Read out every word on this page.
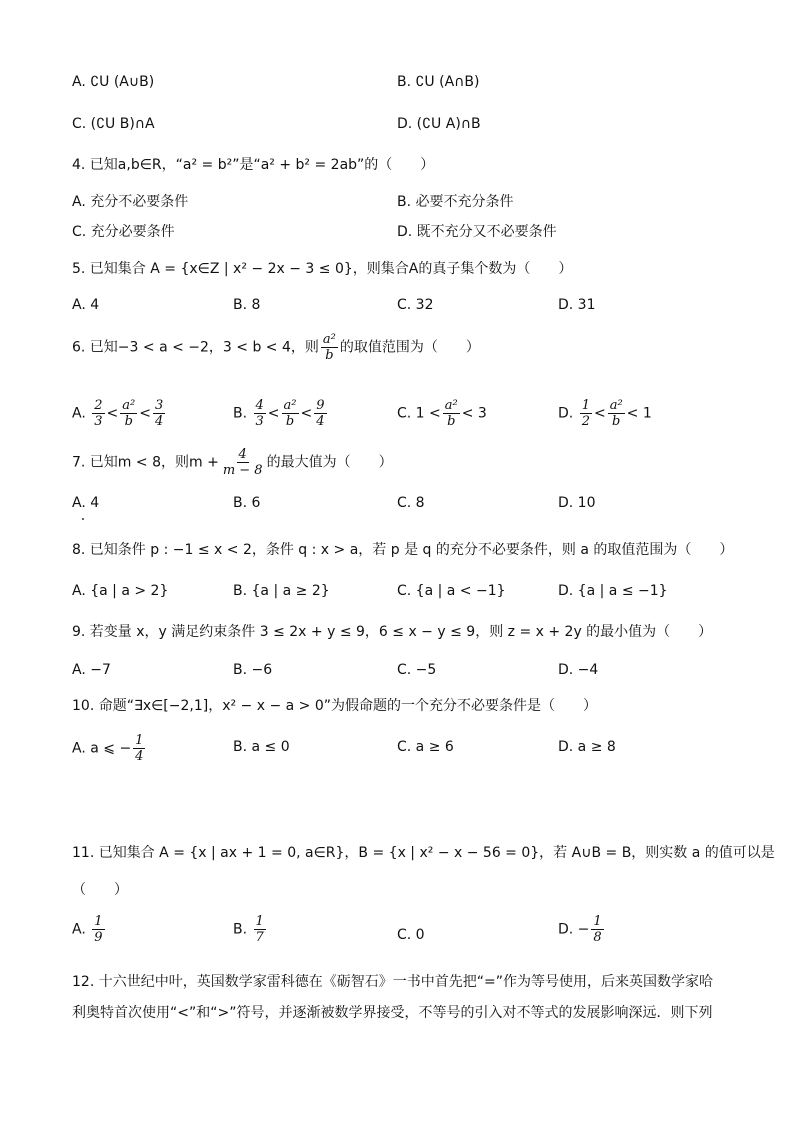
A. ∁U (A∪B)	B. ∁U (A∩B)
C. (∁U B)∩A	D. (∁U A)∩B
4. 已知a,b∈R，“a² = b²”是“a² + b² = 2ab”的（　　）
A. 充分不必要条件	B. 必要不充分条件
C. 充分必要条件	D. 既不充分又不必要条件
5. 已知集合 A = {x∈Z | x² − 2x − 3 ≤ 0}，则集合A的真子集个数为（　　）
A. 4	B. 8	C. 32	D. 31
6. 已知−3 < a < −2，3 < b < 4，则 $\frac{\text{a²}}{b}$ 的取值范围为（　　）
A. $\frac{2}{3} < \frac{\text{a²}}{b} < \frac{3}{4}$	B. $\frac{4}{3} < \frac{\text{a²}}{b} < \frac{9}{4}$	C. $1 < \frac{\text{a²}}{b} < 3$	D. $\frac{1}{2} < \frac{\text{a²}}{b} < 1$
7. 已知m < 8，则$m + \frac{4}{m - 8}$ 的最大值为（　　）
A. 4	B. 6	C. 8	D. 10
8. 已知条件 p : −1 ≤ x < 2，条件 q : x > a，若 p 是 q 的充分不必要条件，则 a 的取值范围为（　　）
A. {a | a > 2}	B. {a | a ≥ 2}	C. {a | a < −1}	D. {a | a ≤ −1}
9. 若变量 x，y 满足约束条件 3 ≤ 2x + y ≤ 9，6 ≤ x − y ≤ 9，则 z = x + 2y 的最小值为（　　）
A. −7	B. −6	C. −5	D. −4
10. 命题“∃x∈[−2,1]，x² − x − a > 0”为假命题的一个充分不必要条件是（　　）
A. a ⩽ − $\frac{1}{4}$	B. a ≤ 0	C. a ≥ 6	D. a ≥ 8
11. 已知集合 A = {x | ax + 1 = 0, a∈R}，B = {x | x² − x − 56 = 0}，若 A∪B = B，则实数 a 的值可以是
（　　）
A. $\frac{1}{9}$	B. $\frac{1}{7}$	C. 0	D. − $\frac{1}{8}$
12. 十六世纪中叶，英国数学家雷科德在《砺智石》一书中首先把“=”作为等号使用，后来英国数学家哈
利奥特首次使用“<”和“>”符号，并逐渐被数学界接受，不等号的引入对不等式的发展影响深远．则下列
